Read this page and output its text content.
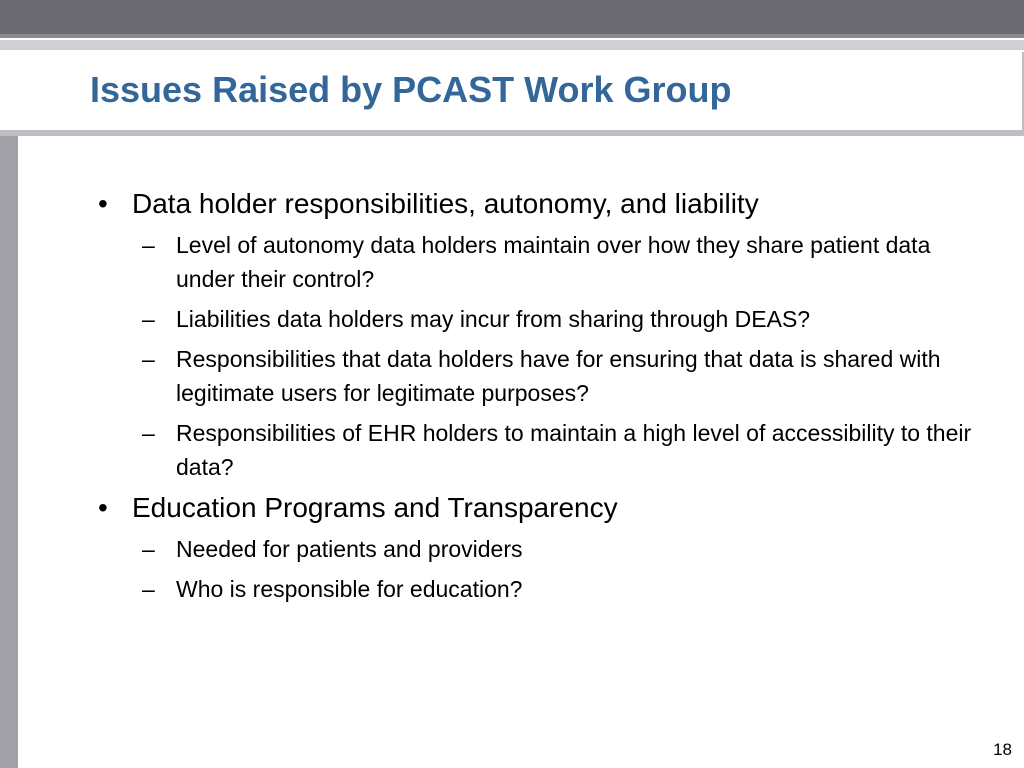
Issues Raised by PCAST Work Group
• Data holder responsibilities, autonomy, and liability
– Level of autonomy data holders maintain over how they share patient data under their control?
– Liabilities data holders may incur from sharing through DEAS?
– Responsibilities that data holders have for ensuring that data is shared with legitimate users for legitimate purposes?
– Responsibilities of EHR holders to maintain a high level of accessibility to their data?
• Education Programs and Transparency
– Needed for patients and providers
– Who is responsible for education?
18
